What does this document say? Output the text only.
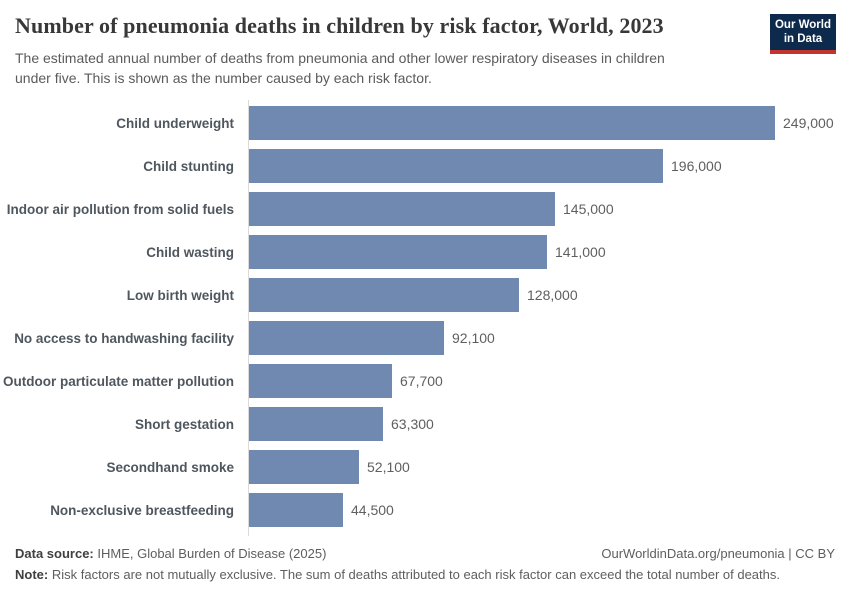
Number of pneumonia deaths in children by risk factor, World, 2023	Our World
in Data

The estimated annual number of deaths from pneumonia and other lower respiratory diseases in children under five. This is shown as the number caused by each risk factor.

Child underweight	249,000
Child stunting	196,000
Indoor air pollution from solid fuels	145,000
Child wasting	141,000
Low birth weight	128,000
No access to handwashing facility	92,100
Outdoor particulate matter pollution	67,700
Short gestation	63,300
Secondhand smoke	52,100
Non-exclusive breastfeeding	44,500
Data source: IHME, Global Burden of Disease (2025)	OurWorldinData.org/pneumonia | CC BY
Note: Risk factors are not mutually exclusive. The sum of deaths attributed to each risk factor can exceed the total number of deaths.
